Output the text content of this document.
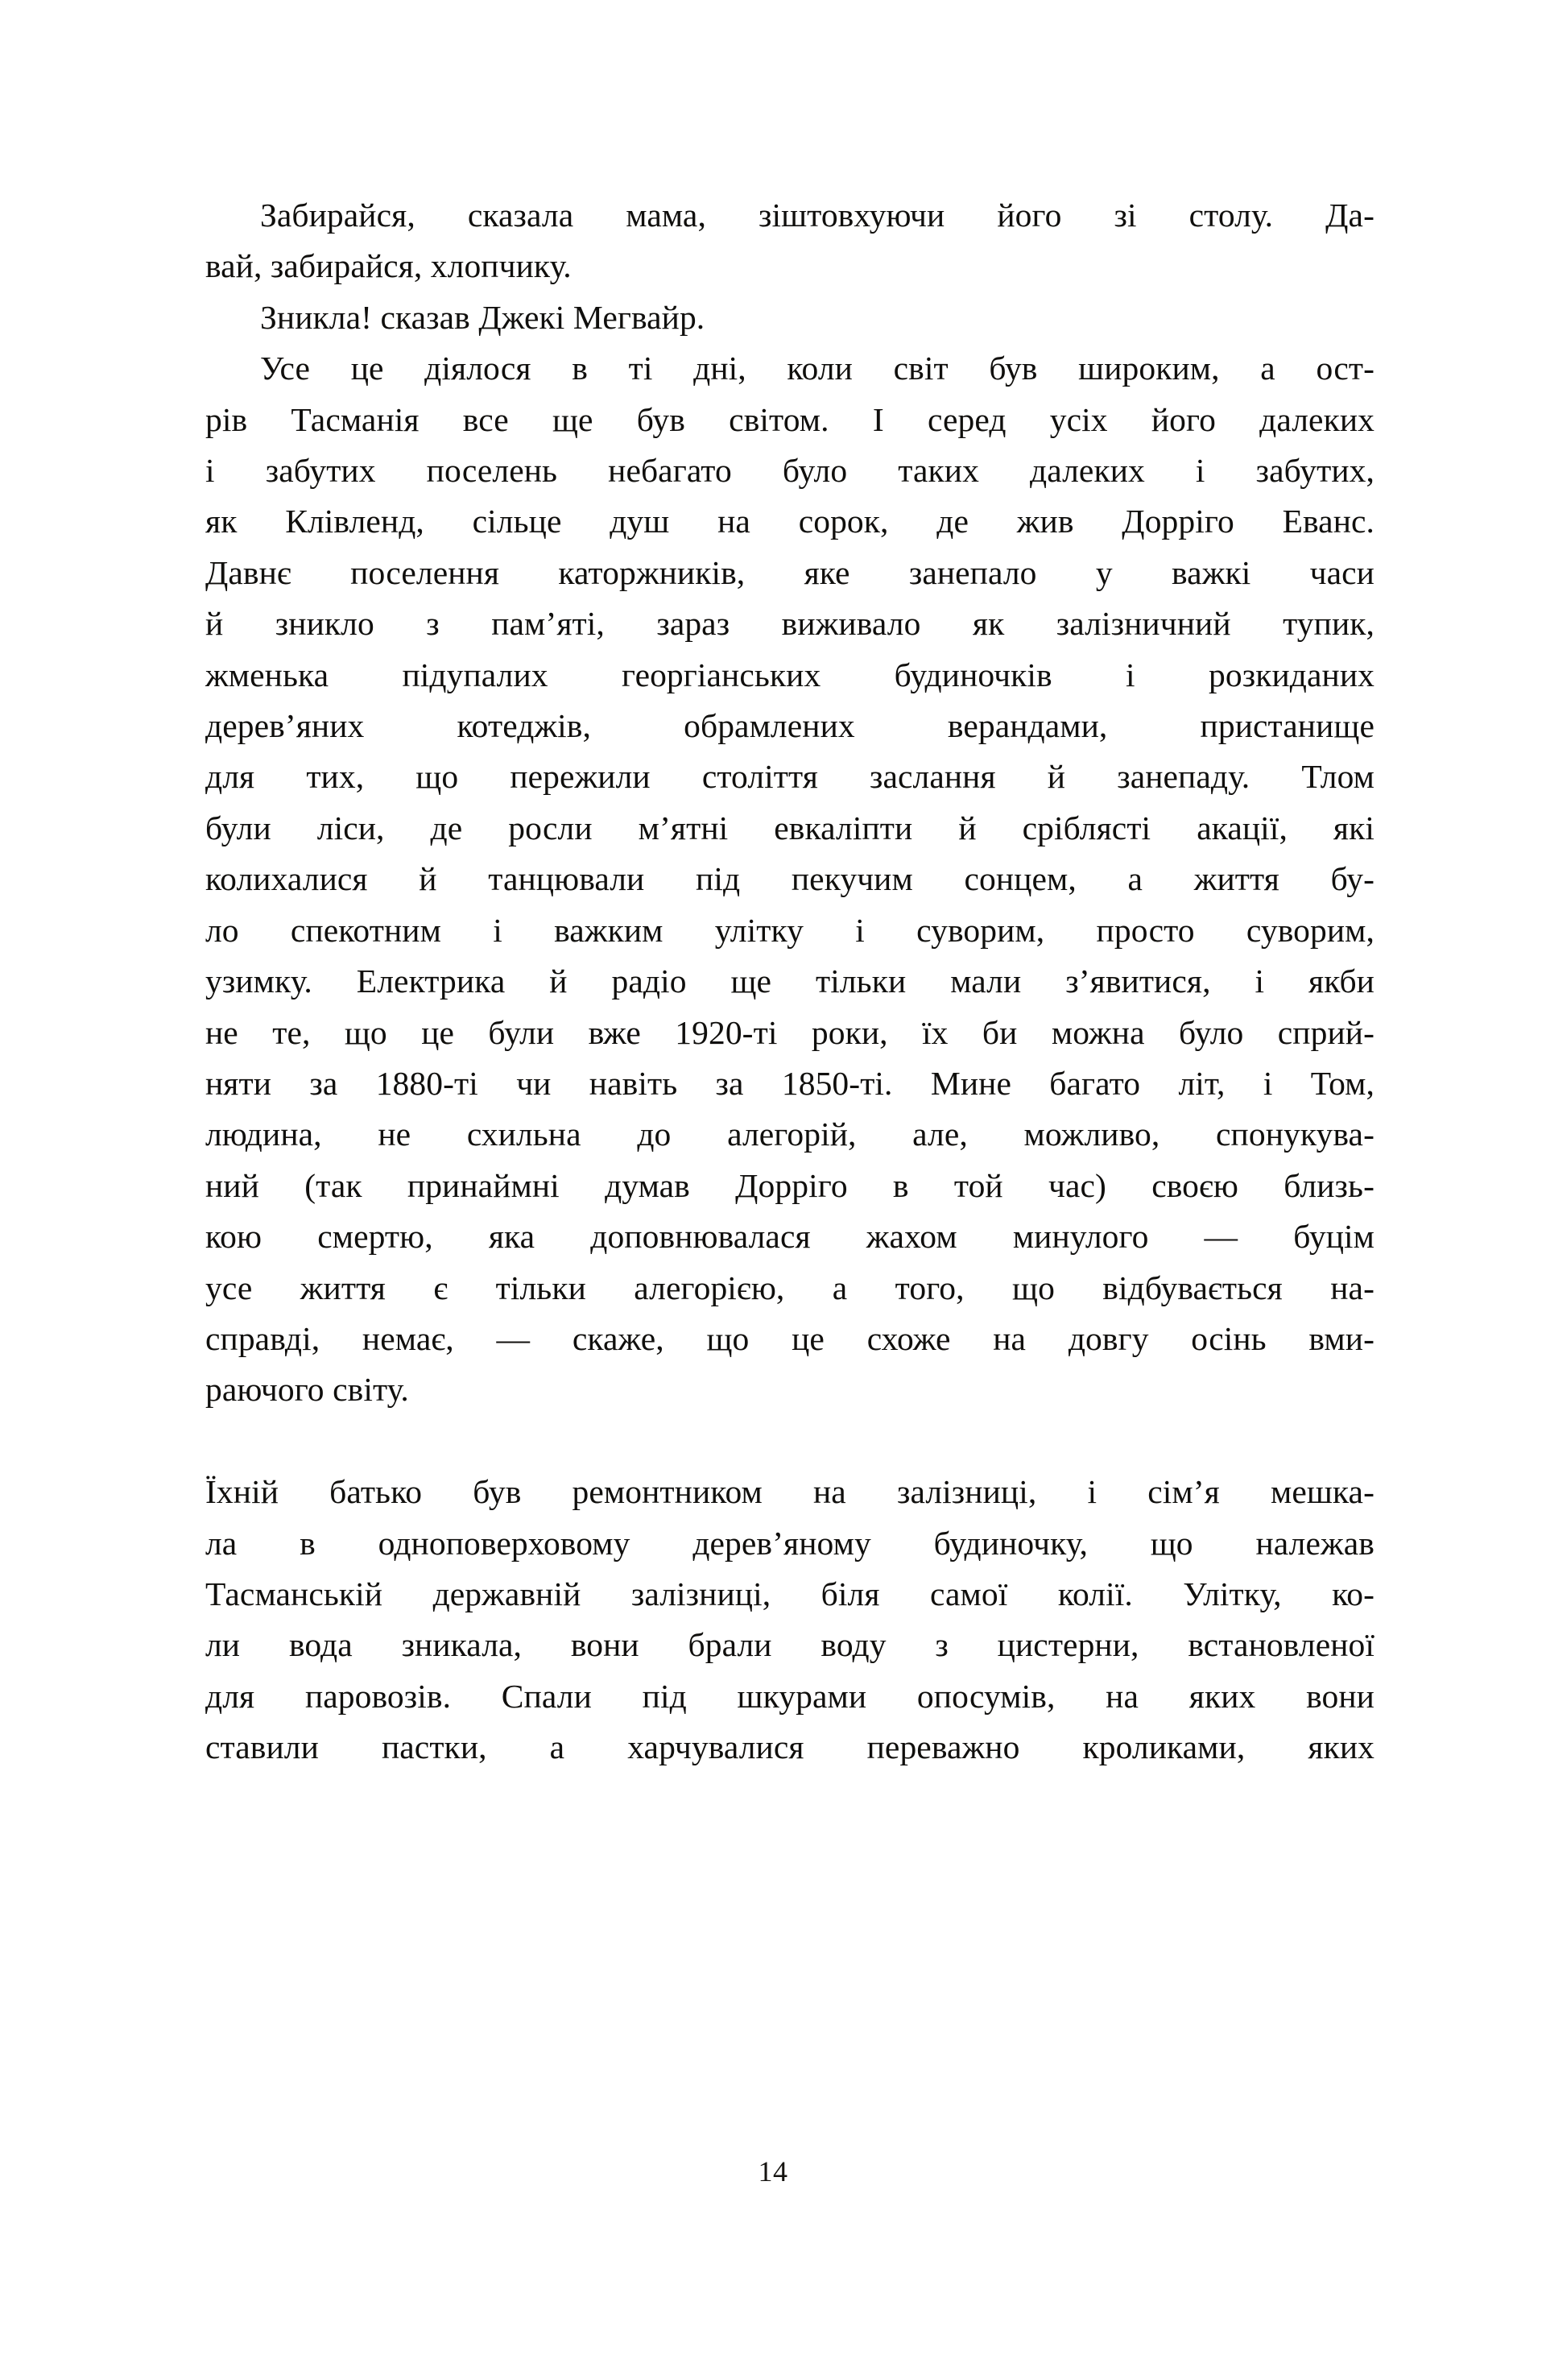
Забирайся, сказала мама, зіштовхуючи його зі столу. Да-
вай, забирайся, хлопчику.
Зникла! сказав Джекі Мегвайр.
Усе це діялося в ті дні, коли світ був широким, а ост-
рів Тасманія все ще був світом. І серед усіх його далеких
і забутих поселень небагато було таких далеких і забутих,
як Клівленд, сільце душ на сорок, де жив Дорріго Еванс.
Давнє поселення каторжників, яке занепало у важкі часи
й зникло з пам’яті, зараз виживало як залізничний тупик,
жменька підупалих георгіанських будиночків і розкиданих
дерев’яних котеджів, обрамлених верандами, пристанище
для тих, що пережили століття заслання й занепаду. Тлом
були ліси, де росли м’ятні евкаліпти й сріблясті акації, які
колихалися й танцювали під пекучим сонцем, а життя бу-
ло спекотним і важким улітку і суворим, просто суворим,
узимку. Електрика й радіо ще тільки мали з’явитися, і якби
не те, що це були вже 1920-ті роки, їх би можна було сприй-
няти за 1880-ті чи навіть за 1850-ті. Мине багато літ, і Том,
людина, не схильна до алегорій, але, можливо, спонукува-
ний (так принаймні думав Дорріго в той час) своєю близь-
кою смертю, яка доповнювалася жахом минулого — буцім
усе життя є тільки алегорією, а того, що відбувається на-
справді, немає, — скаже, що це схоже на довгу осінь вми-
раючого світу.
Їхній батько був ремонтником на залізниці, і сім’я мешка-
ла в одноповерховому дерев’яному будиночку, що належав
Тасманській державній залізниці, біля самої колії. Улітку, ко-
ли вода зникала, вони брали воду з цистерни, встановленої
для паровозів. Спали під шкурами опосумів, на яких вони
ставили пастки, а харчувалися переважно кроликами, яких
14
